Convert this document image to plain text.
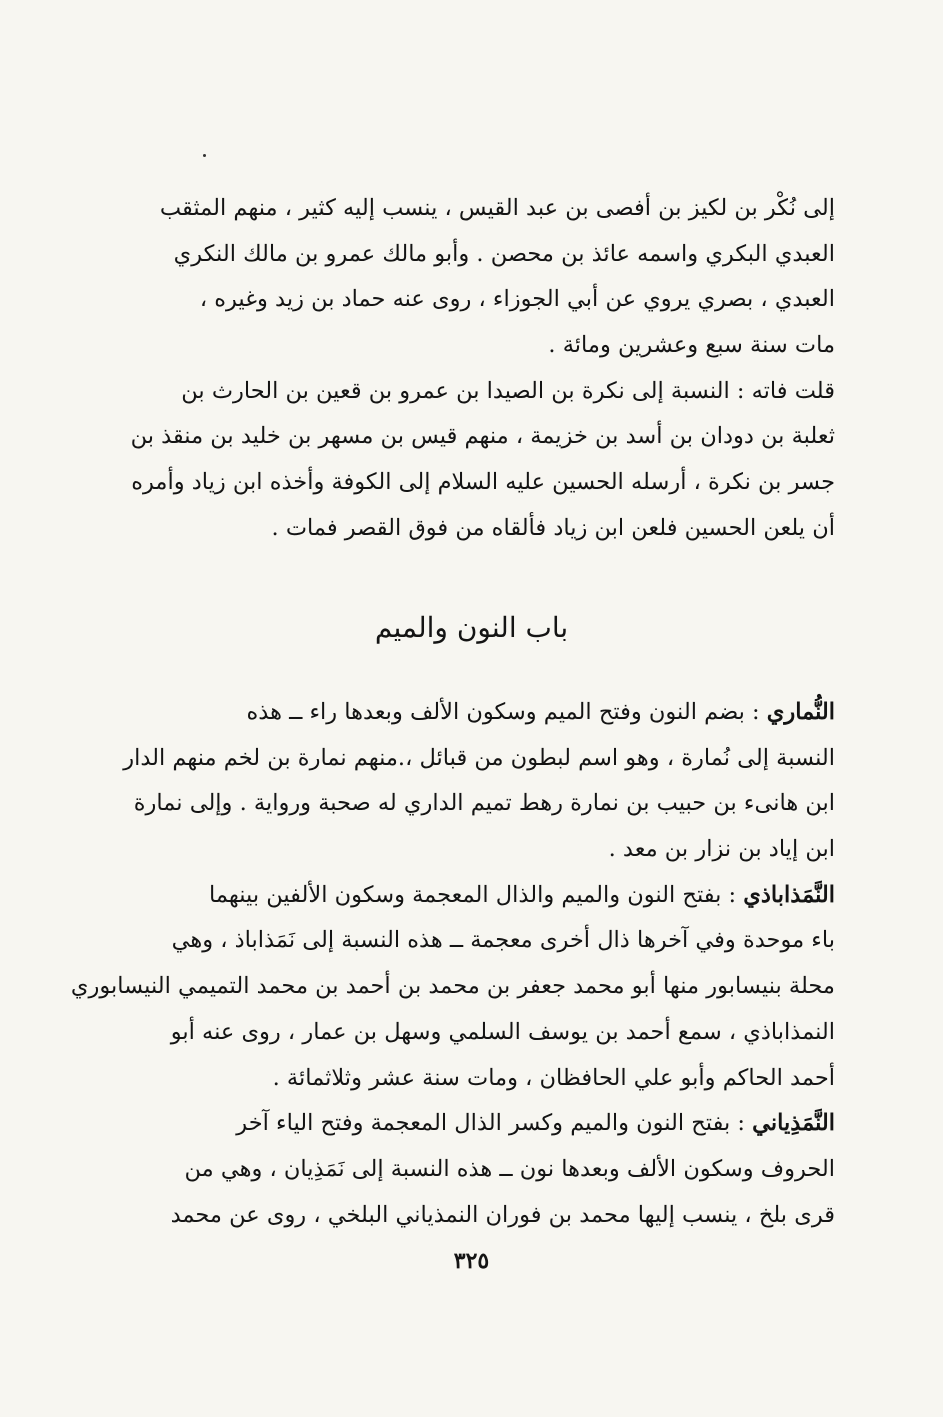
إلى نُكْر بن لكيز بن أفصى بن عبد القيس ، ينسب إليه كثير ، منهم المثقب
العبدي البكري واسمه عائذ بن محصن . وأبو مالك عمرو بن مالك النكري
العبدي ، بصري يروي عن أبي الجوزاء ، روى عنه حماد بن زيد وغيره ،
مات سنة سبع وعشرين ومائة .
قلت فاته : النسبة إلى نكرة بن الصيدا بن عمرو بن قعين بن الحارث بن
ثعلبة بن دودان بن أسد بن خزيمة ، منهم قيس بن مسهر بن خليد بن منقذ بن
جسر بن نكرة ، أرسله الحسين عليه السلام إلى الكوفة وأخذه ابن زياد وأمره
أن يلعن الحسين فلعن ابن زياد فألقاه من فوق القصر فمات .
باب النون والميم
النُّماري : بضم النون وفتح الميم وسكون الألف وبعدها راء ــ هذه
النسبة إلى نُمارة ، وهو اسم لبطون من قبائل ،.منهم نمارة بن لخم منهم الدار
ابن هانىء بن حبيب بن نمارة رهط تميم الداري له صحبة ورواية . وإلى نمارة
ابن إياد بن نزار بن معد .
النَّمَذاباذي : بفتح النون والميم والذال المعجمة وسكون الألفين بينهما
باء موحدة وفي آخرها ذال أخرى معجمة ــ هذه النسبة إلى نَمَذاباذ ، وهي
محلة بنيسابور منها أبو محمد جعفر بن محمد بن أحمد بن محمد التميمي النيسابوري
النمذاباذي ، سمع أحمد بن يوسف السلمي وسهل بن عمار ، روى عنه أبو
أحمد الحاكم وأبو علي الحافظان ، ومات سنة عشر وثلاثمائة .
النَّمَذِياني : بفتح النون والميم وكسر الذال المعجمة وفتح الياء آخر
الحروف وسكون الألف وبعدها نون ــ هذه النسبة إلى نَمَذِيان ، وهي من
قرى بلخ ، ينسب إليها محمد بن فوران النمذياني البلخي ، روى عن محمد
٣٢٥
